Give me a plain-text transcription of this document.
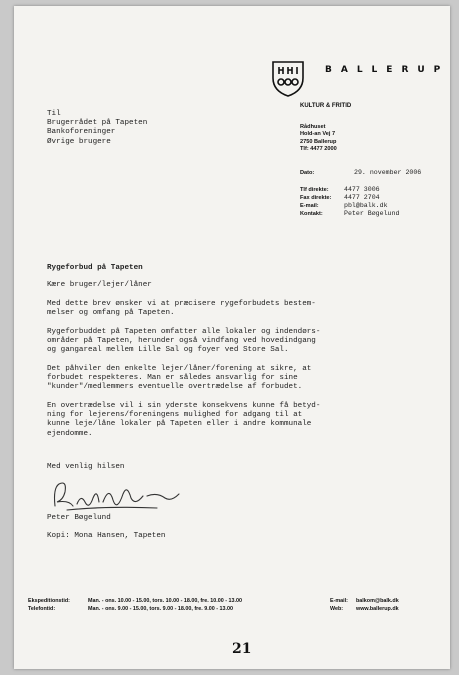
BALLERUP
KULTUR & FRITID
Rådhuset
Hold-an Vej 7
2750 Ballerup
Tlf: 4477 2000
Til
Brugerrådet på Tapeten
Bankoforeninger
Øvrige brugere
Dato:	29. november 2006
Tlf direkte: 4477 3006
Fax direkte: 4477 2704
E-mail:	pbl@balk.dk
Kontakt:	Peter Bøgelund
Rygeforbud på Tapeten
Kære bruger/lejer/låner
Med dette brev ønsker vi at præcisere rygeforbudets bestem-
melser og omfang på Tapeten.
Rygeforbuddet på Tapeten omfatter alle lokaler og indendørs-
områder på Tapeten, herunder også vindfang ved hovedindgang
og gangareal mellem Lille Sal og foyer ved Store Sal.
Det påhviler den enkelte lejer/låner/forening at sikre, at
forbudet respekteres. Man er således ansvarlig for sine
"kunder"/medlemmers eventuelle overtrædelse af forbudet.
En overtrædelse vil i sin yderste konsekvens kunne få betyd-
ning for lejerens/foreningens mulighed for adgang til at
kunne leje/låne lokaler på Tapeten eller i andre kommunale
ejendomme.
Med venlig hilsen
Peter Bøgelund
Kopi: Mona Hansen, Tapeten
Ekspeditionstid:	Man. - ons. 10.00 - 15.00, tors. 10.00 - 18.00, fre. 10.00 - 13.00
Telefontid:	Man. - ons. 9.00 - 15.00, tors. 9.00 - 18.00, fre. 9.00 - 13.00
E-mail: balkom@balk.dk
Web: www.ballerup.dk
21
